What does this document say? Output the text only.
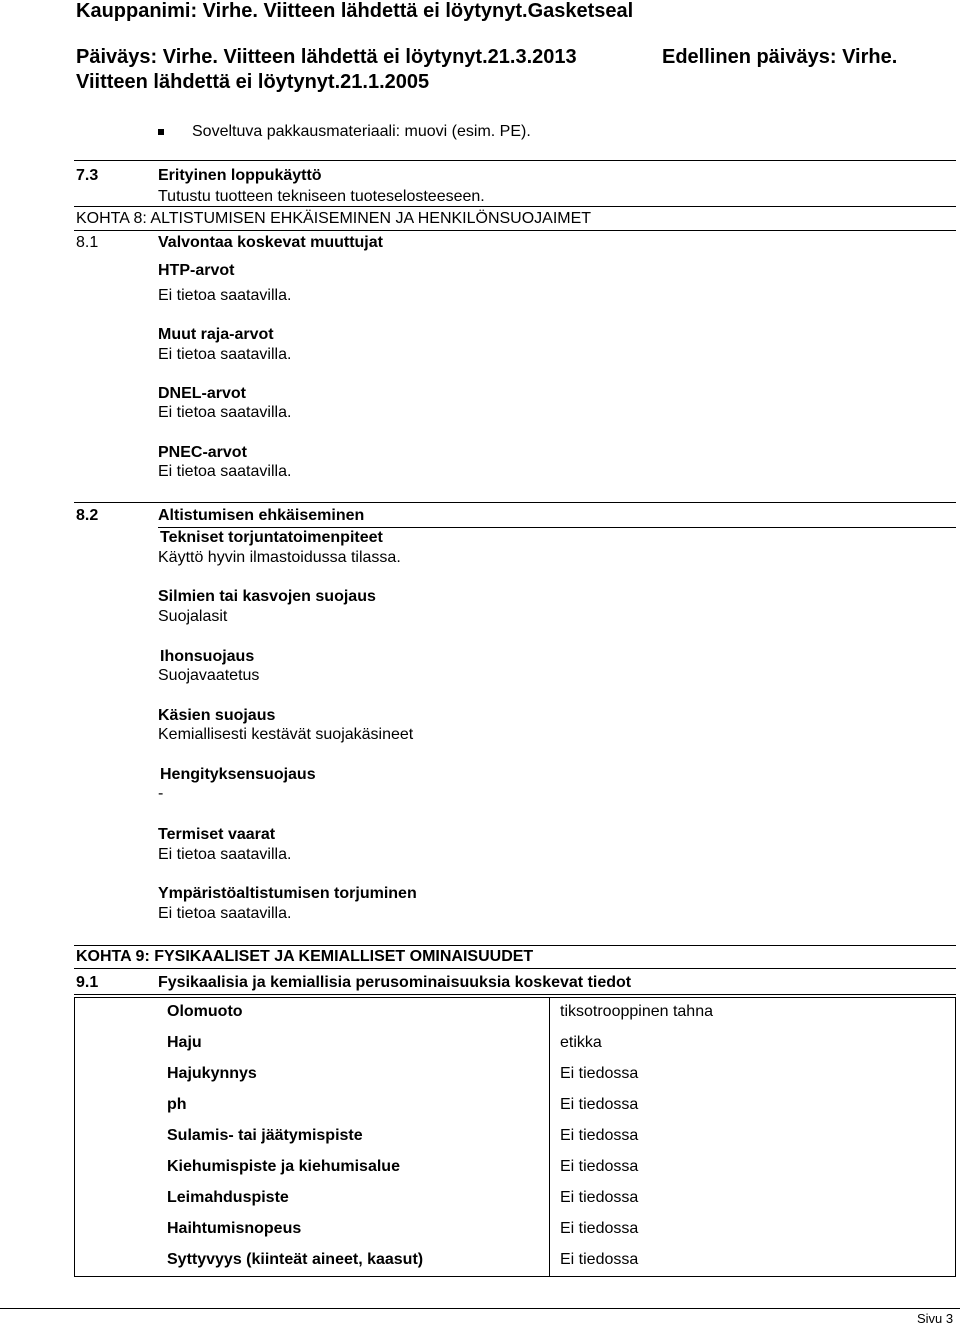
Kauppanimi: Virhe. Viitteen lähdettä ei löytynyt.Gasketseal
Päiväys: Virhe. Viitteen lähdettä ei löytynyt.21.3.2013	Edellinen päiväys: Virhe.
Viitteen lähdettä ei löytynyt.21.1.2005
Soveltuva pakkausmateriaali: muovi (esim. PE).
7.3	Erityinen loppukäyttö
Tutustu tuotteen tekniseen tuoteselosteeseen.
KOHTA 8: ALTISTUMISEN EHKÄISEMINEN JA HENKILÖNSUOJAIMET
8.1	Valvontaa koskevat muuttujat
HTP-arvot
Ei tietoa saatavilla.
Muut raja-arvot
Ei tietoa saatavilla.
DNEL-arvot
Ei tietoa saatavilla.
PNEC-arvot
Ei tietoa saatavilla.
8.2	Altistumisen ehkäiseminen
Tekniset torjuntatoimenpiteet
Käyttö hyvin ilmastoidussa tilassa.
Silmien tai kasvojen suojaus
Suojalasit
Ihonsuojaus
Suojavaatetus
Käsien suojaus
Kemiallisesti kestävät suojakäsineet
Hengityksensuojaus
-
Termiset vaarat
Ei tietoa saatavilla.
Ympäristöaltistumisen torjuminen
Ei tietoa saatavilla.
KOHTA 9: FYSIKAALISET JA KEMIALLISET OMINAISUUDET
9.1	Fysikaalisia ja kemiallisia perusominaisuuksia koskevat tiedot
Olomuoto	tiksotrooppinen tahna
Haju	etikka
Hajukynnys	Ei tiedossa
ph	Ei tiedossa
Sulamis- tai jäätymispiste	Ei tiedossa
Kiehumispiste ja kiehumisalue	Ei tiedossa
Leimahduspiste	Ei tiedossa
Haihtumisnopeus	Ei tiedossa
Syttyvyys (kiinteät aineet, kaasut)	Ei tiedossa
Sivu 3
